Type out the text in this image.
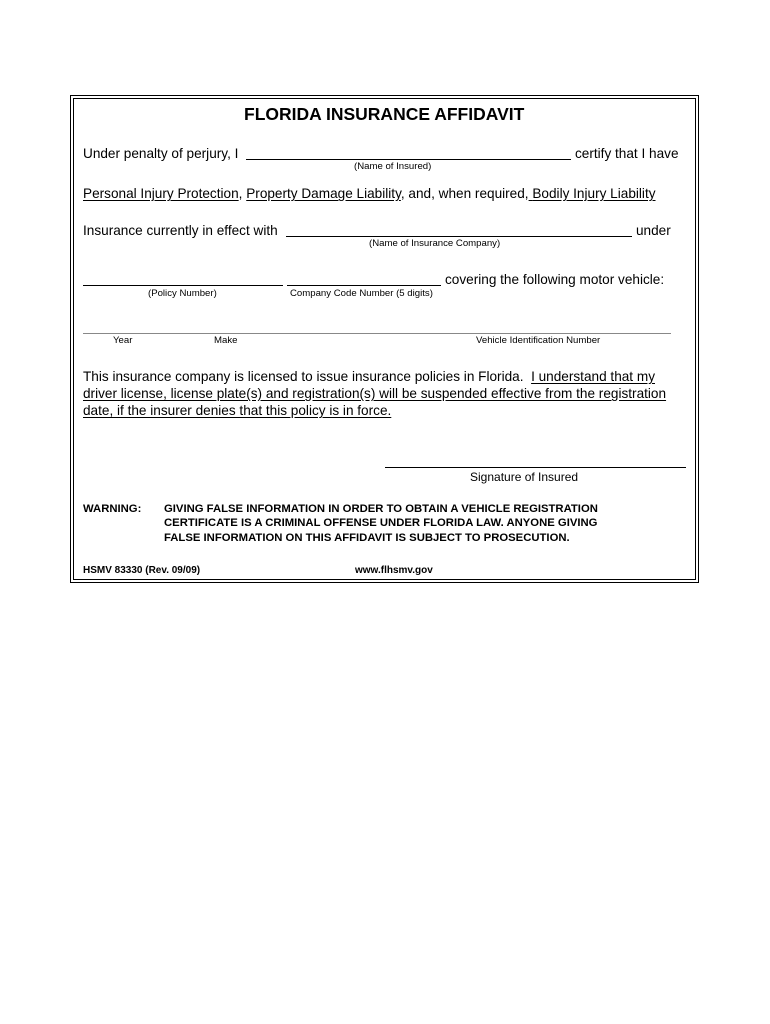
FLORIDA INSURANCE AFFIDAVIT
Under penalty of perjury, I	certify that I have
(Name of Insured)
Personal Injury Protection, Property Damage Liability, and, when required, Bodily Injury Liability
Insurance currently in effect with	under
(Name of Insurance Company)
covering the following motor vehicle:
(Policy Number)	Company Code Number (5 digits)
Year	Make	Vehicle Identification Number
This insurance company is licensed to issue insurance policies in Florida. I understand that my
driver license, license plate(s) and registration(s) will be suspended effective from the registration
date, if the insurer denies that this policy is in force.
Signature of Insured
WARNING: GIVING FALSE INFORMATION IN ORDER TO OBTAIN A VEHICLE REGISTRATION
CERTIFICATE IS A CRIMINAL OFFENSE UNDER FLORIDA LAW. ANYONE GIVING
FALSE INFORMATION ON THIS AFFIDAVIT IS SUBJECT TO PROSECUTION.
HSMV 83330 (Rev. 09/09)	www.flhsmv.gov
